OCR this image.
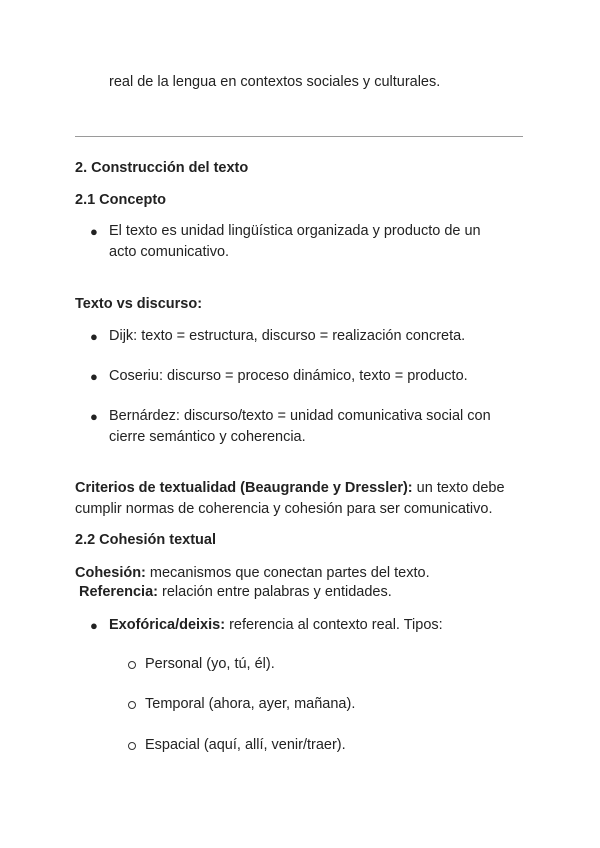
real de la lengua en contextos sociales y culturales.
2. Construcción del texto
2.1 Concepto
● El texto es unidad lingüística organizada y producto de un
acto comunicativo.
Texto vs discurso:
● Dijk: texto = estructura, discurso = realización concreta.
● Coseriu: discurso = proceso dinámico, texto = producto.
● Bernárdez: discurso/texto = unidad comunicativa social con
cierre semántico y coherencia.
Criterios de textualidad (Beaugrande y Dressler): un texto debe
cumplir normas de coherencia y cohesión para ser comunicativo.
2.2 Cohesión textual
Cohesión: mecanismos que conectan partes del texto.
Referencia: relación entre palabras y entidades.
● Exofórica/deixis: referencia al contexto real. Tipos:
Personal (yo, tú, él).
Temporal (ahora, ayer, mañana).
Espacial (aquí, allí, venir/traer).
